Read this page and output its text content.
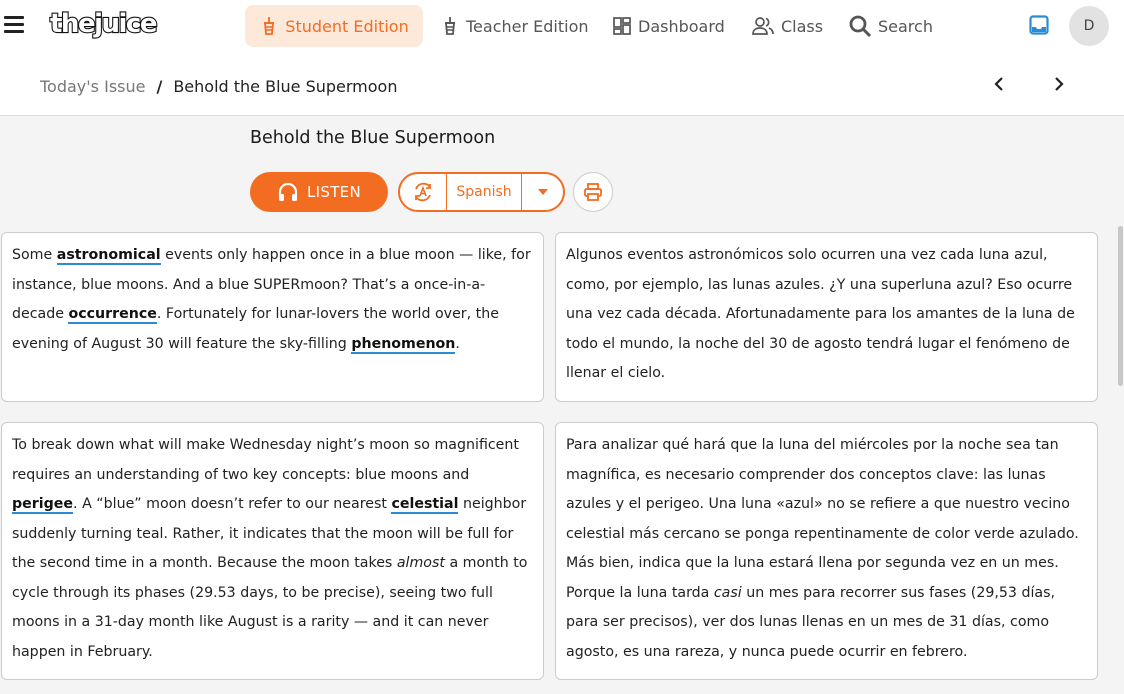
thejuice	Student Edition	Teacher Edition	Dashboard	Class	Search	D
Today's Issue / Behold the Blue Supermoon
Behold the Blue Supermoon
LISTEN	Spanish
Some astronomical events only happen once in a blue moon — like, for instance, blue moons. And a blue SUPERmoon? That’s a once-in-a-decade occurrence. Fortunately for lunar-lovers the world over, the evening of August 30 will feature the sky-filling phenomenon.
Algunos eventos astronómicos solo ocurren una vez cada luna azul, como, por ejemplo, las lunas azules. ¿Y una superluna azul? Eso ocurre una vez cada década. Afortunadamente para los amantes de la luna de todo el mundo, la noche del 30 de agosto tendrá lugar el fenómeno de llenar el cielo.
To break down what will make Wednesday night’s moon so magnificent requires an understanding of two key concepts: blue moons and perigee. A “blue” moon doesn’t refer to our nearest celestial neighbor suddenly turning teal. Rather, it indicates that the moon will be full for the second time in a month. Because the moon takes almost a month to cycle through its phases (29.53 days, to be precise), seeing two full moons in a 31-day month like August is a rarity — and it can never happen in February.
Para analizar qué hará que la luna del miércoles por la noche sea tan magnífica, es necesario comprender dos conceptos clave: las lunas azules y el perigeo. Una luna «azul» no se refiere a que nuestro vecino celestial más cercano se ponga repentinamente de color verde azulado. Más bien, indica que la luna estará llena por segunda vez en un mes. Porque la luna tarda casi un mes para recorrer sus fases (29,53 días, para ser precisos), ver dos lunas llenas en un mes de 31 días, como agosto, es una rareza, y nunca puede ocurrir en febrero.
